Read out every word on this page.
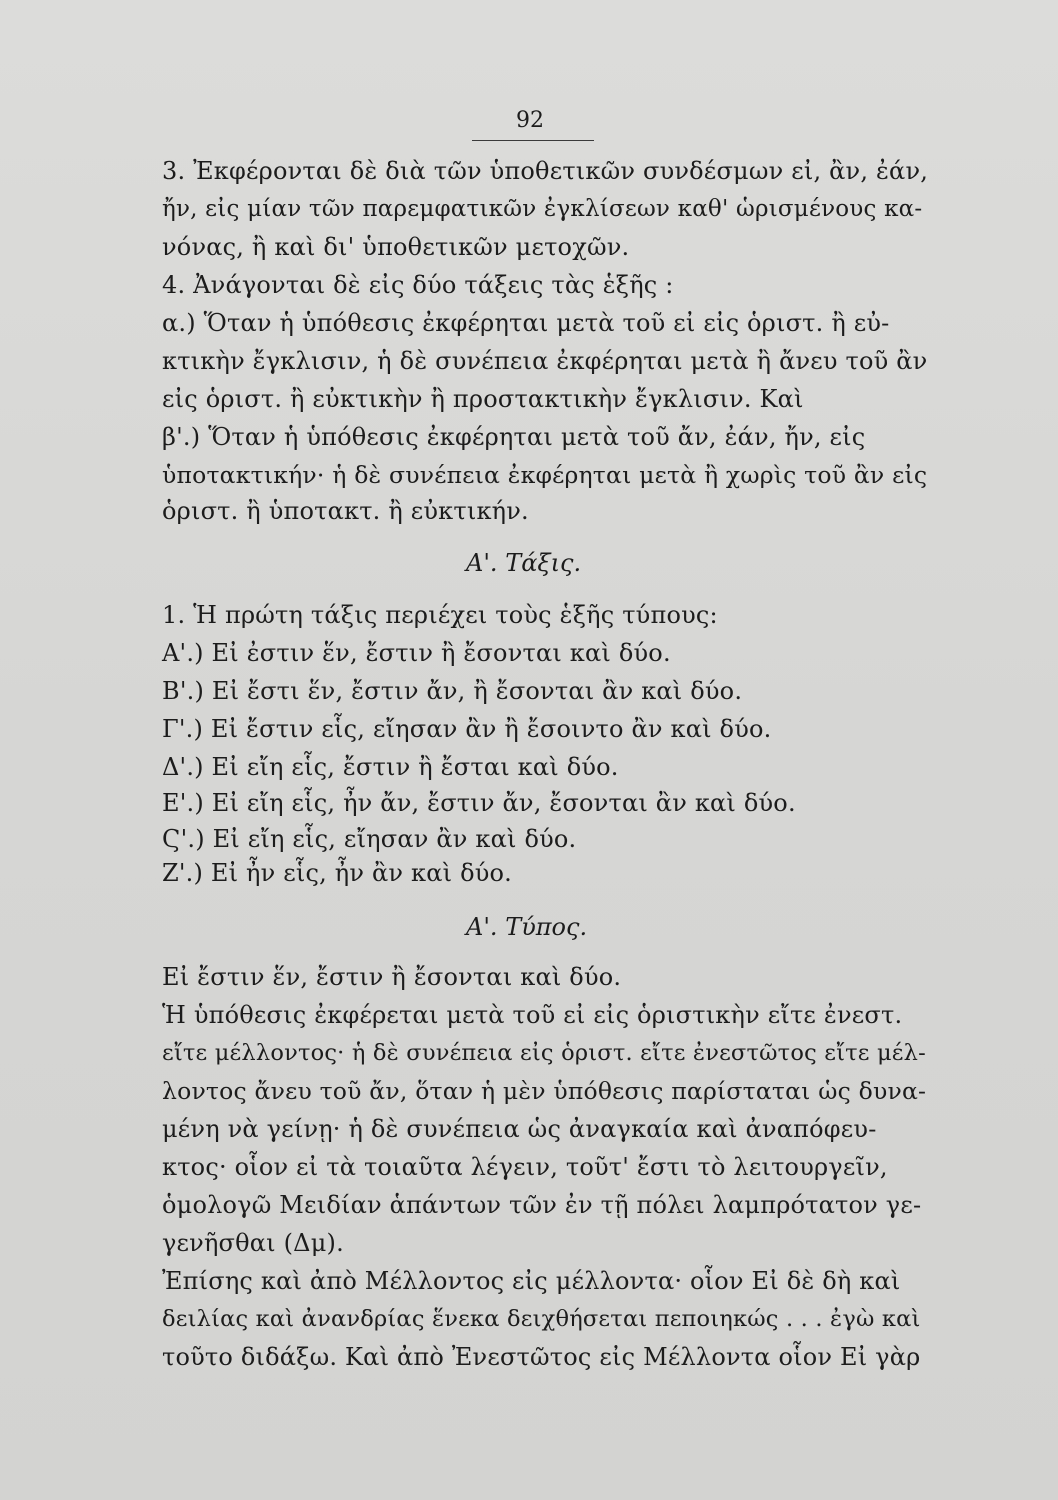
92
3. Ἐκφέρονται δὲ διὰ τῶν ὑποθετικῶν συνδέσμων εἰ, ἂν, ἐάν,
ἤν, εἰς μίαν τῶν παρεμφατικῶν ἐγκλίσεων καθ' ὡρισμένους κα-
νόνας, ἢ καὶ δι' ὑποθετικῶν μετοχῶν.
4. Ἀνάγονται δὲ εἰς δύο τάξεις τὰς ἑξῆς :
α.) Ὅταν ἡ ὑπόθεσις ἐκφέρηται μετὰ τοῦ εἰ εἰς ὁριστ. ἢ εὐ-
κτικὴν ἔγκλισιν, ἡ δὲ συνέπεια ἐκφέρηται μετὰ ἢ ἄνευ τοῦ ἂν
εἰς ὁριστ. ἢ εὐκτικὴν ἢ προστακτικὴν ἔγκλισιν. Καὶ
β'.) Ὅταν ἡ ὑπόθεσις ἐκφέρηται μετὰ τοῦ ἄν, ἐάν, ἤν, εἰς
ὑποτακτικήν· ἡ δὲ συνέπεια ἐκφέρηται μετὰ ἢ χωρὶς τοῦ ἂν εἰς
ὁριστ. ἢ ὑποτακτ. ἢ εὐκτικήν.
Α'. Τάξις.
1. Ἡ πρώτη τάξις περιέχει τοὺς ἑξῆς τύπους:
Α'.) Εἰ ἐστιν ἕν, ἔστιν ἢ ἔσονται καὶ δύο.
Β'.) Εἰ ἔστι ἕν, ἔστιν ἄν, ἢ ἔσονται ἂν καὶ δύο.
Γ'.) Εἰ ἔστιν εἷς, εἴησαν ἂν ἢ ἔσοιντο ἂν καὶ δύο.
Δ'.) Εἰ εἴη εἷς, ἔστιν ἢ ἔσται καὶ δύο.
Ε'.) Εἰ εἴη εἷς, ἦν ἄν, ἔστιν ἄν, ἔσονται ἂν καὶ δύο.
Ϛ'.) Εἰ εἴη εἷς, εἴησαν ἂν καὶ δύο.
Ζ'.) Εἰ ἦν εἷς, ἦν ἂν καὶ δύο.
Α'. Τύπος.
Εἰ ἔστιν ἕν, ἔστιν ἢ ἔσονται καὶ δύο.
Ἡ ὑπόθεσις ἐκφέρεται μετὰ τοῦ εἰ εἰς ὁριστικὴν εἴτε ἐνεστ.
εἴτε μέλλοντος· ἡ δὲ συνέπεια εἰς ὁριστ. εἴτε ἐνεστῶτος εἴτε μέλ-
λοντος ἄνευ τοῦ ἄν, ὅταν ἡ μὲν ὑπόθεσις παρίσταται ὡς δυνα-
μένη νὰ γείνῃ· ἡ δὲ συνέπεια ὡς ἀναγκαία καὶ ἀναπόφευ-
κτος· οἷον εἰ τὰ τοιαῦτα λέγειν, τοῦτ' ἔστι τὸ λειτουργεῖν,
ὁμολογῶ Μειδίαν ἁπάντων τῶν ἐν τῇ πόλει λαμπρότατον γε-
γενῆσθαι (Δμ).
Ἐπίσης καὶ ἀπὸ Μέλλοντος εἰς μέλλοντα· οἷον Εἰ δὲ δὴ καὶ
δειλίας καὶ ἀνανδρίας ἕνεκα δειχθήσεται πεποιηκώς . . . ἐγὼ καὶ
τοῦτο διδάξω. Καὶ ἀπὸ Ἐνεστῶτος εἰς Μέλλοντα οἷον Εἰ γὰρ
